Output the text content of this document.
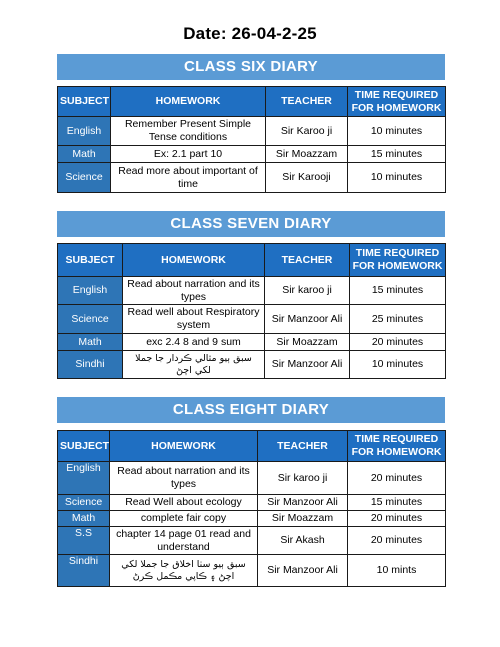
Date: 26-04-2-25
CLASS SIX DIARY
SUBJECT	HOMEWORK	TEACHER	TIME REQUIRED FOR HOMEWORK
English	Remember Present Simple Tense conditions	Sir Karoo ji	10 minutes
Math	Ex: 2.1 part 10	Sir Moazzam	15 minutes
Science	Read more about important of time	Sir Karooji	10 minutes
CLASS SEVEN DIARY
SUBJECT	HOMEWORK	TEACHER	TIME REQUIRED FOR HOMEWORK
English	Read about narration and its types	Sir karoo ji	15 minutes
Science	Read well about Respiratory system	Sir Manzoor Ali	25 minutes
Math	exc 2.4 8 and 9 sum	Sir Moazzam	20 minutes
Sindhi	سبق ٻيو مثالي ڪردار جا جملا لکي اچڻ	Sir Manzoor Ali	10 minutes
CLASS EIGHT DIARY
SUBJECT	HOMEWORK	TEACHER	TIME REQUIRED FOR HOMEWORK
English	Read about narration and its types	Sir karoo ji	20 minutes
Science	Read Well about ecology	Sir Manzoor Ali	15 minutes
Math	complete fair copy	Sir Moazzam	20 minutes
S.S	chapter 14 page 01 read and understand	Sir Akash	20 minutes
Sindhi	سبق ٻيو سٺا اخلاق جا جملا لکي اچڻ ۽ ڪاپي مڪمل ڪرڻ	Sir Manzoor Ali	10 mints
